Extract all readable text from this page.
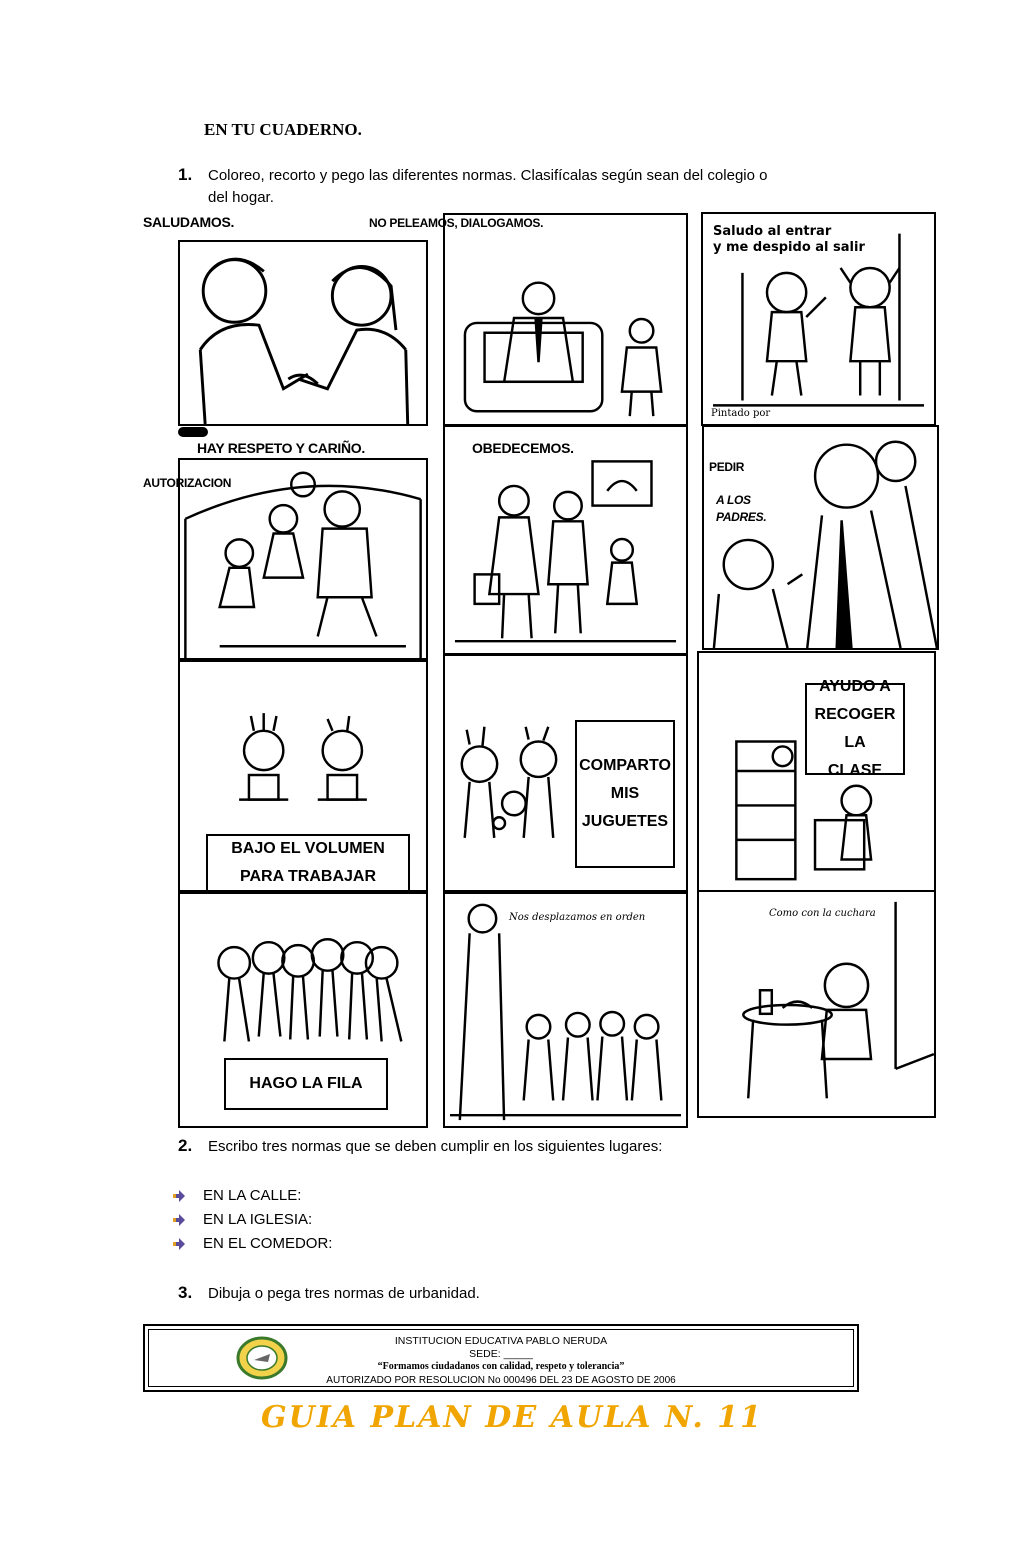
EN TU CUADERNO.
1. Coloreo, recorto y pego las diferentes normas. Clasifícalas según sean del colegio o
del hogar.
Saludo al entrar
y me despido al salir
Pintado por
SALUDAMOS.	NO PELEAMOS, DIALOGAMOS.
HAY RESPETO Y CARIÑO.	OBEDECEMOS.
AUTORIZACION
PEDIR
A LOS
PADRES.
BAJO EL VOLUMEN
PARA TRABAJAR
COMPARTO
MIS
JUGUETES
AYUDO A
RECOGER LA
CLASE
HAGO LA FILA
Nos desplazamos en orden	Como con la cuchara
2. Escribo tres normas que se deben cumplir en los siguientes lugares:
EN LA CALLE:
EN LA IGLESIA:
EN EL COMEDOR:
3. Dibuja o pega tres normas de urbanidad.
INSTITUCION EDUCATIVA PABLO NERUDA
SEDE: _____
“Formamos ciudadanos con calidad, respeto y tolerancia”
AUTORIZADO POR RESOLUCION No 000496 DEL 23 DE AGOSTO DE 2006
GUIA PLAN DE AULA N. 11
